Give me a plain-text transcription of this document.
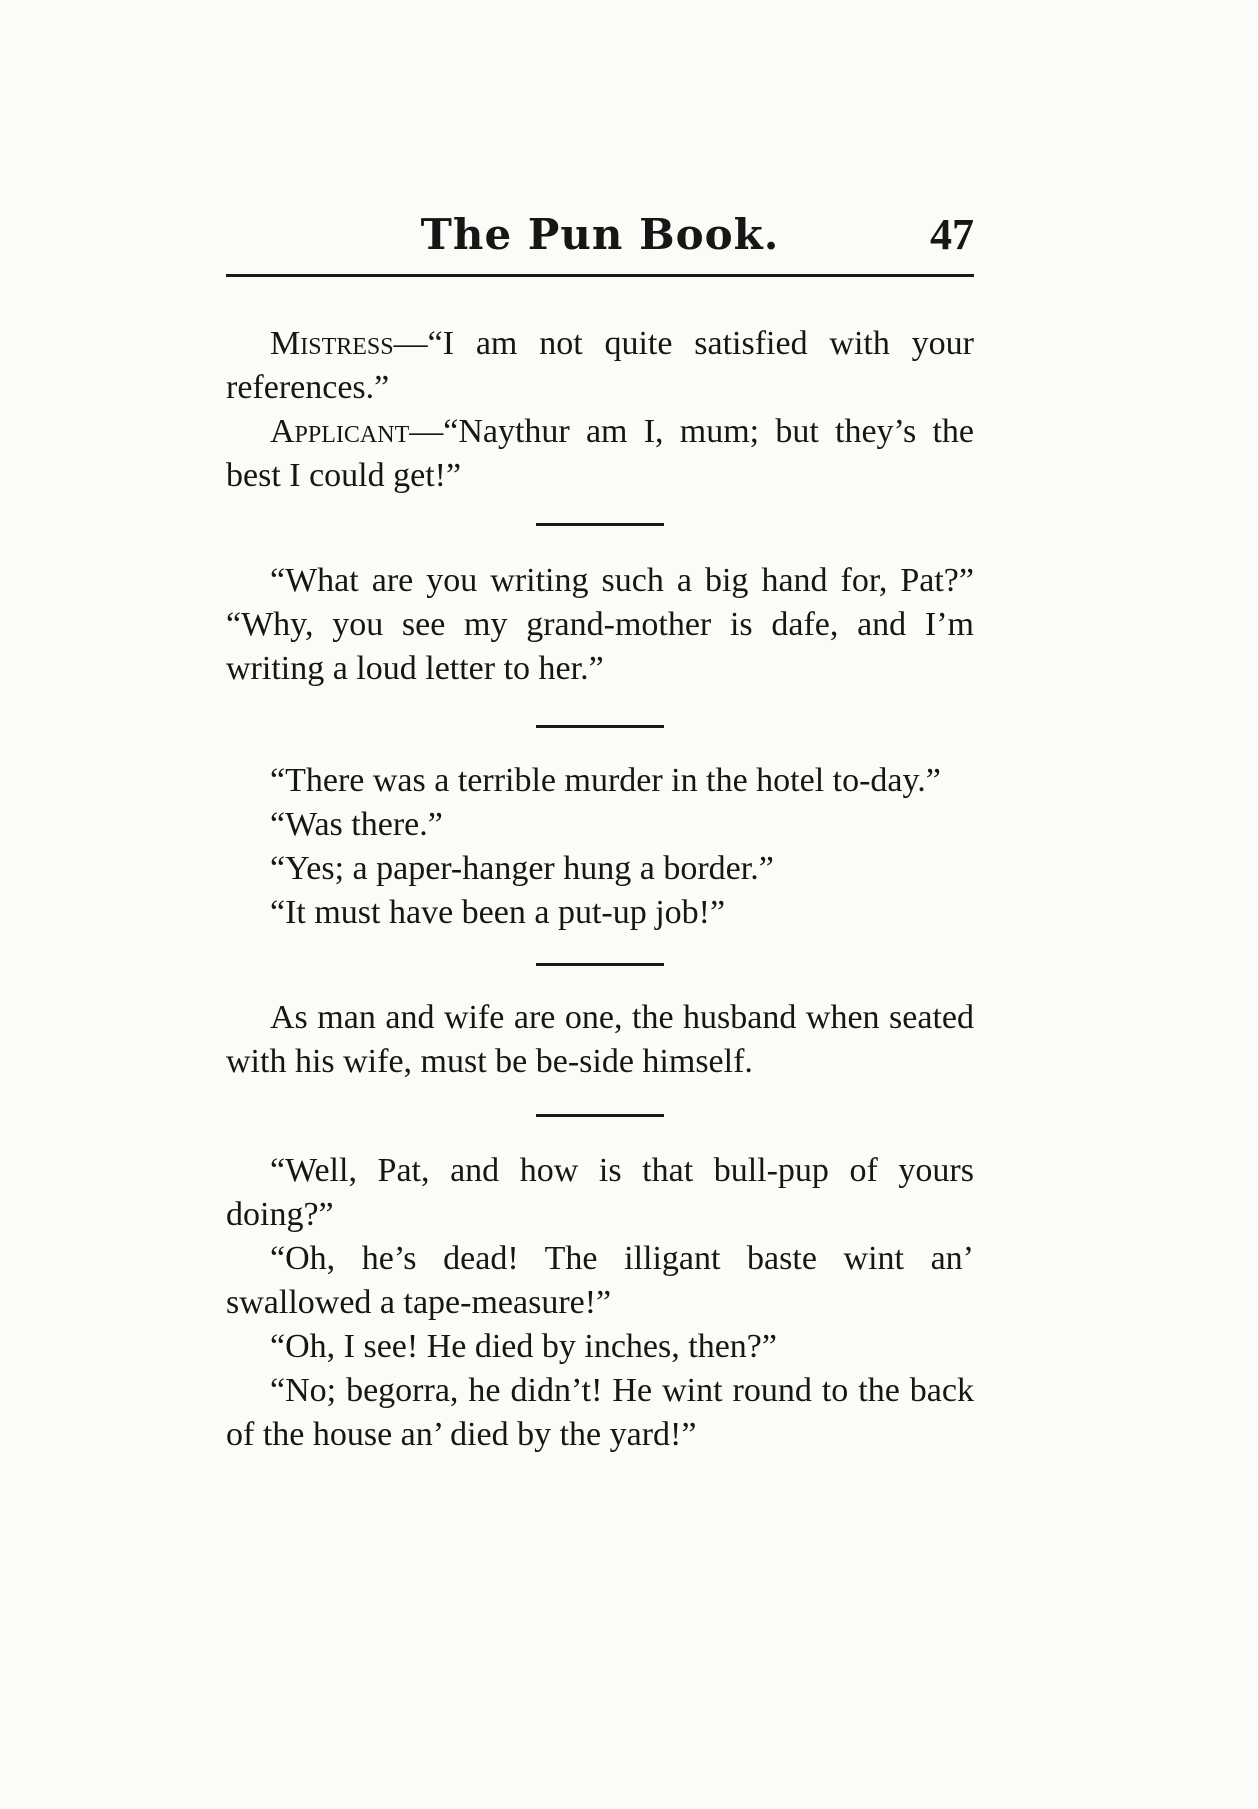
The Pun Book.	47

Mistress—“I am not quite satisfied with your references.”

Applicant—“Naythur am I, mum; but they’s the best I could get!”

“What are you writing such a big hand for, Pat?” “Why, you see my grand-mother is dafe, and I’m writing a loud letter to her.”

“There was a terrible murder in the hotel to-day.”

“Was there.”

“Yes; a paper-hanger hung a border.”

“It must have been a put-up job!”

As man and wife are one, the husband when seated with his wife, must be be-side himself.

“Well, Pat, and how is that bull-pup of yours doing?”

“Oh, he’s dead! The illigant baste wint an’ swallowed a tape-measure!”

“Oh, I see! He died by inches, then?”

“No; begorra, he didn’t! He wint round to the back of the house an’ died by the yard!”
